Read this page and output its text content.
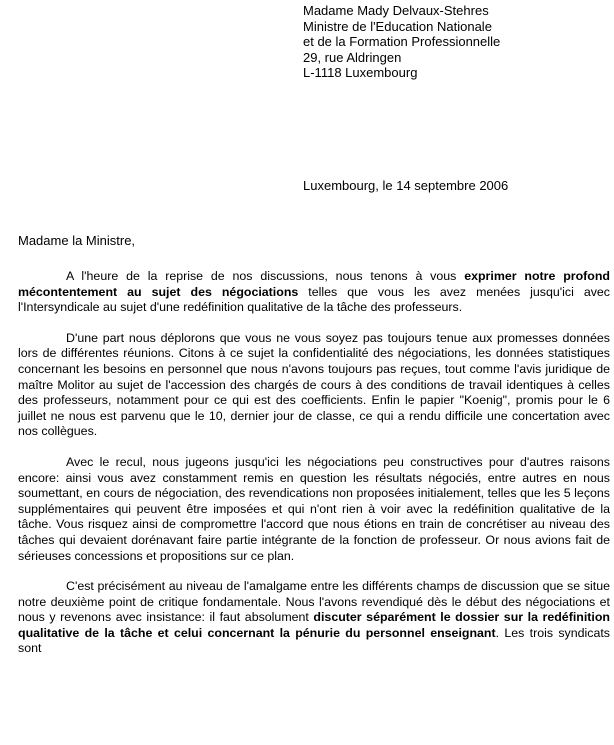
Madame Mady Delvaux-Stehres
Ministre de l'Education Nationale
et de la Formation Professionnelle
29, rue Aldringen
L-1118 Luxembourg
Luxembourg, le 14 septembre 2006
Madame la Ministre,

A l'heure de la reprise de nos discussions, nous tenons à vous exprimer notre profond mécontentement au sujet des négociations telles que vous les avez menées jusqu'ici avec l'Intersyndicale au sujet d'une redéfinition qualitative de la tâche des professeurs.

D'une part nous déplorons que vous ne vous soyez pas toujours tenue aux promesses données lors de différentes réunions. Citons à ce sujet la confidentialité des négociations, les données statistiques concernant les besoins en personnel que nous n'avons toujours pas reçues, tout comme l'avis juridique de maître Molitor au sujet de l'accession des chargés de cours à des conditions de travail identiques à celles des professeurs, notamment pour ce qui est des coefficients. Enfin le papier "Koenig", promis pour le 6 juillet ne nous est parvenu que le 10, dernier jour de classe, ce qui a rendu difficile une concertation avec nos collègues.

Avec le recul, nous jugeons jusqu'ici les négociations peu constructives pour d'autres raisons encore: ainsi vous avez constamment remis en question les résultats négociés, entre autres en nous soumettant, en cours de négociation, des revendications non proposées initialement, telles que les 5 leçons supplémentaires qui peuvent être imposées et qui n'ont rien à voir avec la redéfinition qualitative de la tâche. Vous risquez ainsi de compromettre l'accord que nous étions en train de concrétiser au niveau des tâches qui devaient dorénavant faire partie intégrante de la fonction de professeur. Or nous avions fait de sérieuses concessions et propositions sur ce plan.

C'est précisément au niveau de l'amalgame entre les différents champs de discussion que se situe notre deuxième point de critique fondamentale. Nous l'avons revendiqué dès le début des négociations et nous y revenons avec insistance: il faut absolument discuter séparément le dossier sur la redéfinition qualitative de la tâche et celui concernant la pénurie du personnel enseignant. Les trois syndicats sont
